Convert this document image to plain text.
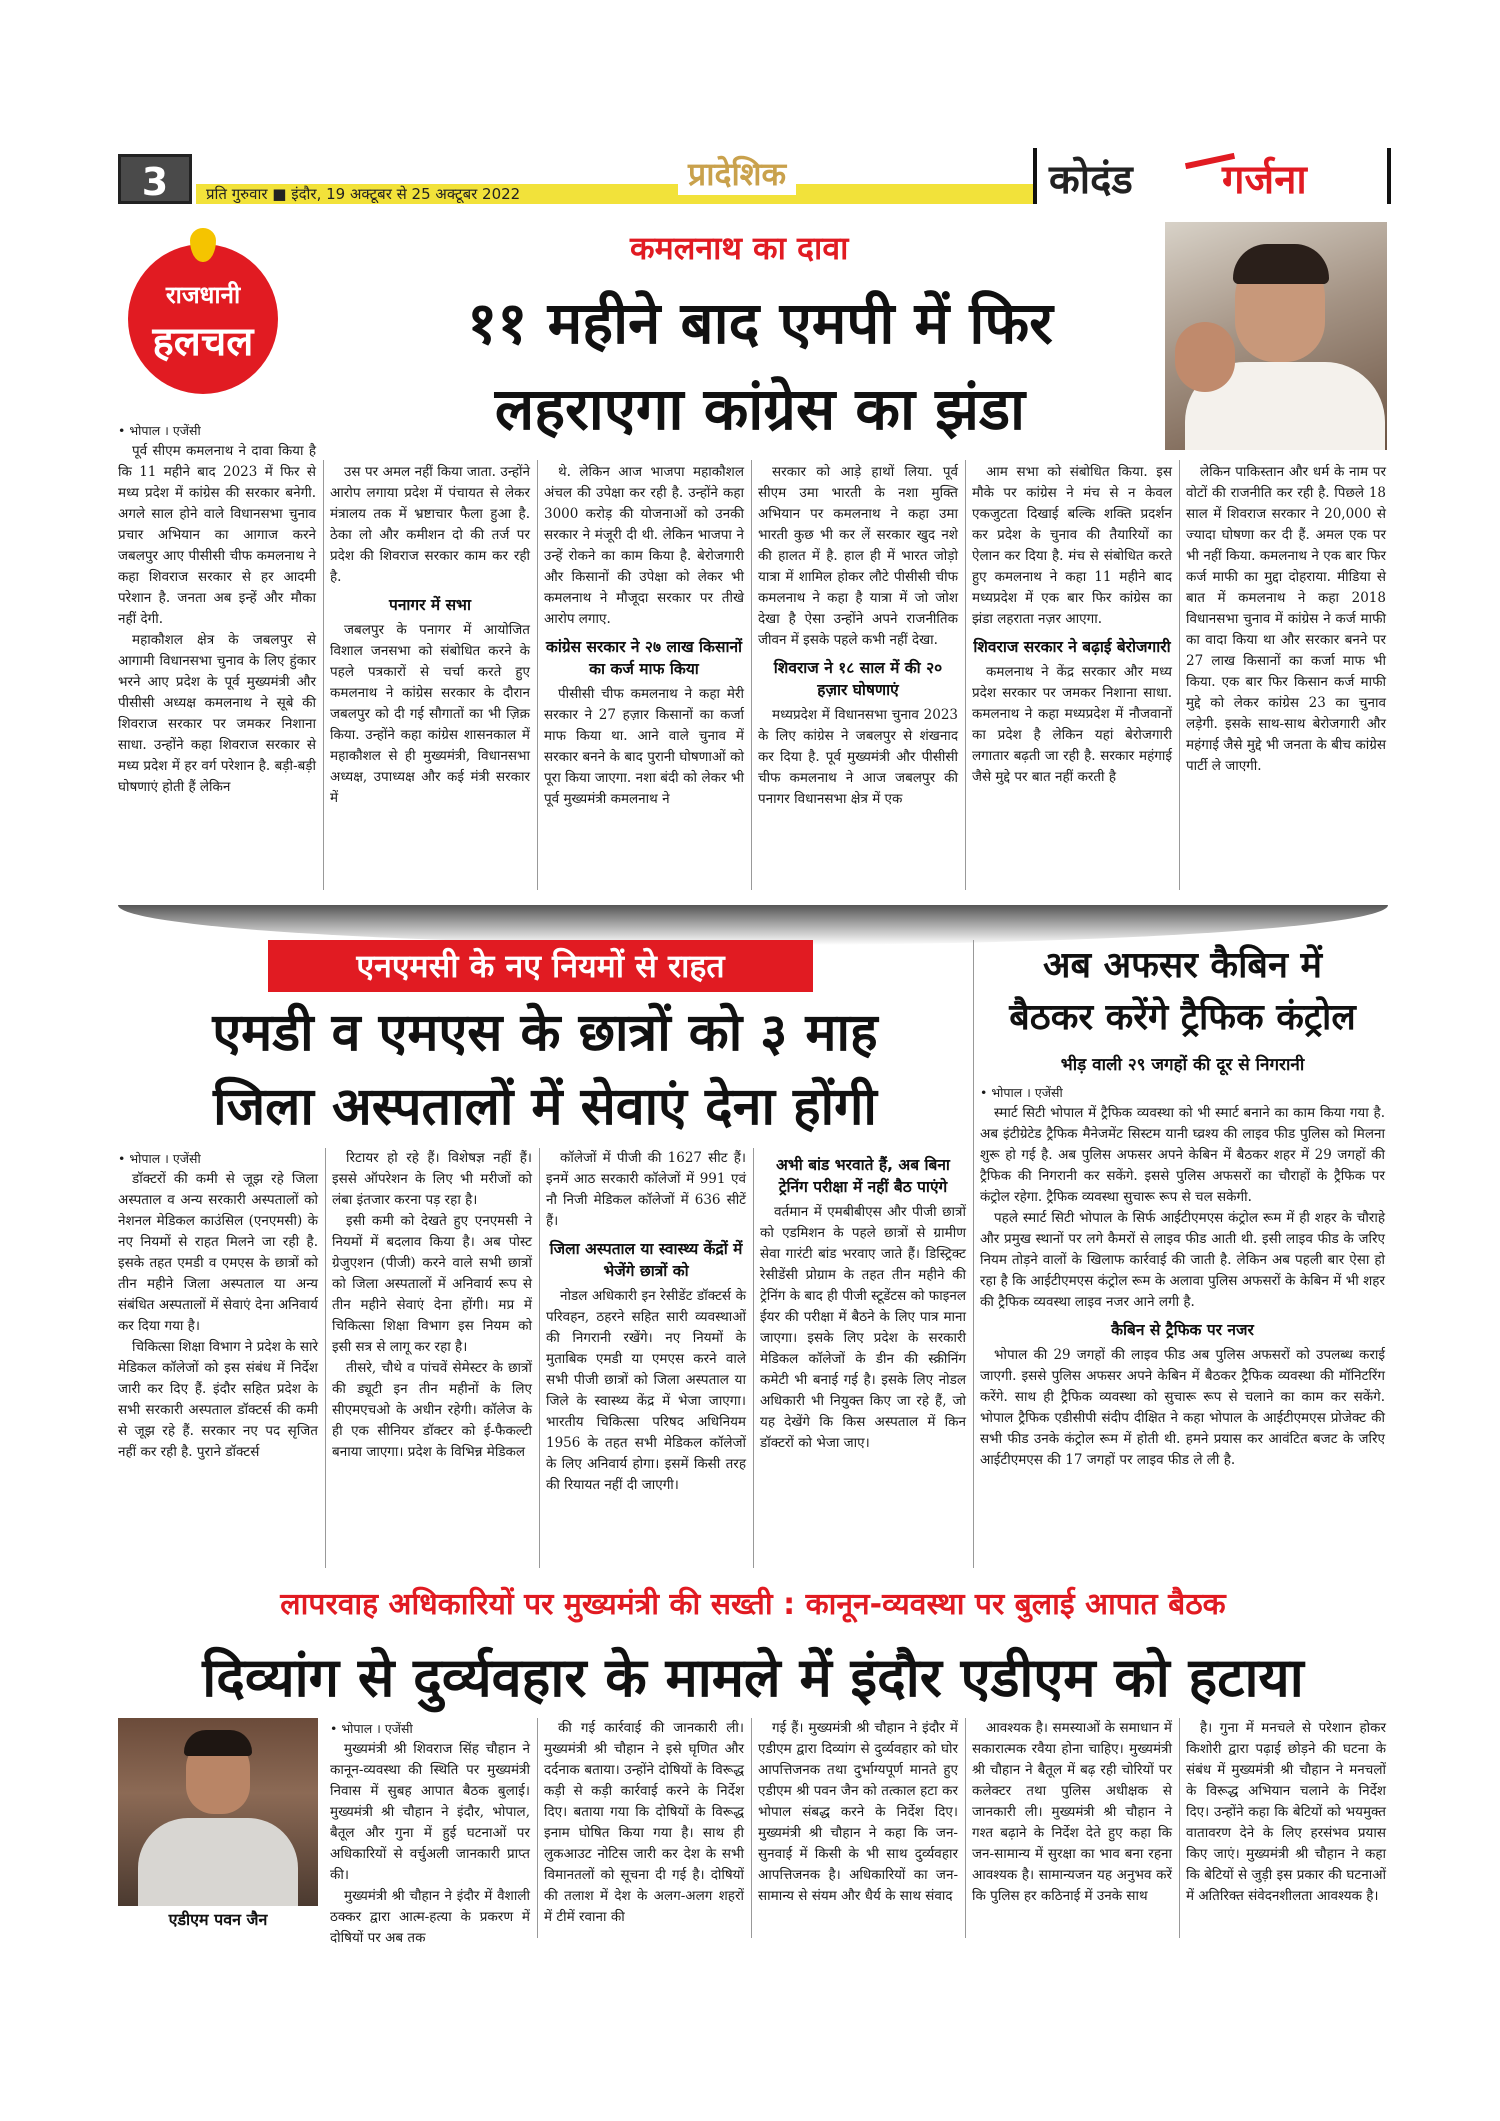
प्रति गुरुवार ■ इंदौर, 19 अक्टूबर से 25 अक्टूबर 2022
3	प्रादेशिक	कोदंड गर्जना
राजधानी
हलचल
कमलनाथ का दावा
११ महीने बाद एमपी में फिर
लहराएगा कांग्रेस का झंडा

• भोपाल । एजेंसी

पूर्व सीएम कमलनाथ ने दावा किया है कि 11 महीने बाद 2023 में फिर से मध्य प्रदेश में कांग्रेस की सरकार बनेगी. अगले साल होने वाले विधानसभा चुनाव प्रचार अभियान का आगाज करने जबलपुर आए पीसीसी चीफ कमलनाथ ने कहा शिवराज सरकार से हर आदमी परेशान है. जनता अब इन्हें और मौका नहीं देगी.

महाकौशल क्षेत्र के जबलपुर से आगामी विधानसभा चुनाव के लिए हुंकार भरने आए प्रदेश के पूर्व मुख्यमंत्री और पीसीसी अध्यक्ष कमलनाथ ने सूबे की शिवराज सरकार पर जमकर निशाना साधा. उन्होंने कहा शिवराज सरकार से मध्य प्रदेश में हर वर्ग परेशान है. बड़ी-बड़ी घोषणाएं होती हैं लेकिन

उस पर अमल नहीं किया जाता. उन्होंने आरोप लगाया प्रदेश में पंचायत से लेकर मंत्रालय तक में भ्रष्टाचार फैला हुआ है. ठेका लो और कमीशन दो की तर्ज पर प्रदेश की शिवराज सरकार काम कर रही है.

पनागर में सभा

जबलपुर के पनागर में आयोजित विशाल जनसभा को संबोधित करने के पहले पत्रकारों से चर्चा करते हुए कमलनाथ ने कांग्रेस सरकार के दौरान जबलपुर को दी गई सौगातों का भी ज़िक्र किया. उन्होंने कहा कांग्रेस शासनकाल में महाकौशल से ही मुख्यमंत्री, विधानसभा अध्यक्ष, उपाध्यक्ष और कई मंत्री सरकार में

थे. लेकिन आज भाजपा महाकौशल अंचल की उपेक्षा कर रही है. उन्होंने कहा 3000 करोड़ की योजनाओं को उनकी सरकार ने मंजूरी दी थी. लेकिन भाजपा ने उन्हें रोकने का काम किया है. बेरोजगारी और किसानों की उपेक्षा को लेकर भी कमलनाथ ने मौजूदा सरकार पर तीखे आरोप लगाए.

कांग्रेस सरकार ने २७ लाख किसानों का कर्ज माफ किया

पीसीसी चीफ कमलनाथ ने कहा मेरी सरकार ने 27 हज़ार किसानों का कर्जा माफ किया था. आने वाले चुनाव में सरकार बनने के बाद पुरानी घोषणाओं को पूरा किया जाएगा. नशा बंदी को लेकर भी पूर्व मुख्यमंत्री कमलनाथ ने

सरकार को आड़े हाथों लिया. पूर्व सीएम उमा भारती के नशा मुक्ति अभियान पर कमलनाथ ने कहा उमा भारती कुछ भी कर लें सरकार खुद नशे की हालत में है. हाल ही में भारत जोड़ो यात्रा में शामिल होकर लौटे पीसीसी चीफ कमलनाथ ने कहा है यात्रा में जो जोश देखा है ऐसा उन्होंने अपने राजनीतिक जीवन में इसके पहले कभी नहीं देखा.

शिवराज ने १८ साल में की २० हज़ार घोषणाएं

मध्यप्रदेश में विधानसभा चुनाव 2023 के लिए कांग्रेस ने जबलपुर से शंखनाद कर दिया है. पूर्व मुख्यमंत्री और पीसीसी चीफ कमलनाथ ने आज जबलपुर की पनागर विधानसभा क्षेत्र में एक

आम सभा को संबोधित किया. इस मौके पर कांग्रेस ने मंच से न केवल एकजुटता दिखाई बल्कि शक्ति प्रदर्शन कर प्रदेश के चुनाव की तैयारियों का ऐलान कर दिया है. मंच से संबोधित करते हुए कमलनाथ ने कहा 11 महीने बाद मध्यप्रदेश में एक बार फिर कांग्रेस का झंडा लहराता नज़र आएगा.

शिवराज सरकार ने बढ़ाई बेरोजगारी

कमलनाथ ने केंद्र सरकार और मध्य प्रदेश सरकार पर जमकर निशाना साधा. कमलनाथ ने कहा मध्यप्रदेश में नौजवानों का प्रदेश है लेकिन यहां बेरोजगारी लगातार बढ़ती जा रही है. सरकार महंगाई जैसे मुद्दे पर बात नहीं करती है

लेकिन पाकिस्तान और धर्म के नाम पर वोटों की राजनीति कर रही है. पिछले 18 साल में शिवराज सरकार ने 20,000 से ज्यादा घोषणा कर दी हैं. अमल एक पर भी नहीं किया. कमलनाथ ने एक बार फिर कर्ज माफी का मुद्दा दोहराया. मीडिया से बात में कमलनाथ ने कहा 2018 विधानसभा चुनाव में कांग्रेस ने कर्ज माफी का वादा किया था और सरकार बनने पर 27 लाख किसानों का कर्जा माफ भी किया. एक बार फिर किसान कर्ज माफी मुद्दे को लेकर कांग्रेस 23 का चुनाव लड़ेगी. इसके साथ-साथ बेरोजगारी और महंगाई जैसे मुद्दे भी जनता के बीच कांग्रेस पार्टी ले जाएगी.

एनएमसी के नए नियमों से राहत
एमडी व एमएस के छात्रों को ३ माह
जिला अस्पतालों में सेवाएं देना होंगी

• भोपाल । एजेंसी

डॉक्टरों की कमी से जूझ रहे जिला अस्पताल व अन्य सरकारी अस्पतालों को नेशनल मेडिकल काउंसिल (एनएमसी) के नए नियमों से राहत मिलने जा रही है. इसके तहत एमडी व एमएस के छात्रों को तीन महीने जिला अस्पताल या अन्य संबंधित अस्पतालों में सेवाएं देना अनिवार्य कर दिया गया है।

चिकित्सा शिक्षा विभाग ने प्रदेश के सारे मेडिकल कॉलेजों को इस संबंध में निर्देश जारी कर दिए हैं. इंदौर सहित प्रदेश के सभी सरकारी अस्पताल डॉक्टर्स की कमी से जूझ रहे हैं. सरकार नए पद सृजित नहीं कर रही है. पुराने डॉक्टर्स

रिटायर हो रहे हैं। विशेषज्ञ नहीं हैं। इससे ऑपरेशन के लिए भी मरीजों को लंबा इंतजार करना पड़ रहा है।

इसी कमी को देखते हुए एनएमसी ने नियमों में बदलाव किया है। अब पोस्ट ग्रेजुएशन (पीजी) करने वाले सभी छात्रों को जिला अस्पतालों में अनिवार्य रूप से तीन महीने सेवाएं देना होंगी। मप्र में चिकित्सा शिक्षा विभाग इस नियम को इसी सत्र से लागू कर रहा है।

तीसरे, चौथे व पांचवें सेमेस्टर के छात्रों की ड्यूटी इन तीन महीनों के लिए सीएमएचओ के अधीन रहेगी। कॉलेज के ही एक सीनियर डॉक्टर को ई-फैकल्टी बनाया जाएगा। प्रदेश के विभिन्न मेडिकल

कॉलेजों में पीजी की 1627 सीट हैं। इनमें आठ सरकारी कॉलेजों में 991 एवं नौ निजी मेडिकल कॉलेजों में 636 सीटें हैं।

जिला अस्पताल या स्वास्थ्य केंद्रों में भेजेंगे छात्रों को

नोडल अधिकारी इन रेसीडेंट डॉक्टर्स के परिवहन, ठहरने सहित सारी व्यवस्थाओं की निगरानी रखेंगे। नए नियमों के मुताबिक एमडी या एमएस करने वाले सभी पीजी छात्रों को जिला अस्पताल या जिले के स्वास्थ्य केंद्र में भेजा जाएगा। भारतीय चिकित्सा परिषद अधिनियम 1956 के तहत सभी मेडिकल कॉलेजों के लिए अनिवार्य होगा। इसमें किसी तरह की रियायत नहीं दी जाएगी।

अभी बांड भरवाते हैं, अब बिना ट्रेनिंग परीक्षा में नहीं बैठ पाएंगे

वर्तमान में एमबीबीएस और पीजी छात्रों को एडमिशन के पहले छात्रों से ग्रामीण सेवा गारंटी बांड भरवाए जाते हैं। डिस्ट्रिक्ट रेसीडेंसी प्रोग्राम के तहत तीन महीने की ट्रेनिंग के बाद ही पीजी स्टूडेंटस को फाइनल ईयर की परीक्षा में बैठने के लिए पात्र माना जाएगा। इसके लिए प्रदेश के सरकारी मेडिकल कॉलेजों के डीन की स्क्रीनिंग कमेटी भी बनाई गई है। इसके लिए नोडल अधिकारी भी नियुक्त किए जा रहे हैं, जो यह देखेंगे कि किस अस्पताल में किन डॉक्टरों को भेजा जाए।

अब अफसर कैबिन में
बैठकर करेंगे ट्रैफिक कंट्रोल
भीड़ वाली २९ जगहों की दूर से निगरानी

• भोपाल । एजेंसी

स्मार्ट सिटी भोपाल में ट्रैफिक व्यवस्था को भी स्मार्ट बनाने का काम किया गया है. अब इंटीग्रेटेड ट्रैफिक मैनेजमेंट सिस्टम यानी घ्व्रश्य की लाइव फीड पुलिस को मिलना शुरू हो गई है. अब पुलिस अफसर अपने केबिन में बैठकर शहर में 29 जगहों की ट्रैफिक की निगरानी कर सकेंगे. इससे पुलिस अफसरों का चौराहों के ट्रैफिक पर कंट्रोल रहेगा. ट्रैफिक व्यवस्था सुचारू रूप से चल सकेगी.

पहले स्मार्ट सिटी भोपाल के सिर्फ आईटीएमएस कंट्रोल रूम में ही शहर के चौराहे और प्रमुख स्थानों पर लगे कैमरों से लाइव फीड आती थी. इसी लाइव फीड के जरिए नियम तोड़ने वालों के खिलाफ कार्रवाई की जाती है. लेकिन अब पहली बार ऐसा हो रहा है कि आईटीएमएस कंट्रोल रूम के अलावा पुलिस अफसरों के केबिन में भी शहर की ट्रैफिक व्यवस्था लाइव नजर आने लगी है.

कैबिन से ट्रैफिक पर नजर

भोपाल की 29 जगहों की लाइव फीड अब पुलिस अफसरों को उपलब्ध कराई जाएगी. इससे पुलिस अफसर अपने केबिन में बैठकर ट्रैफिक व्यवस्था की मॉनिटरिंग करेंगे. साथ ही ट्रैफिक व्यवस्था को सुचारू रूप से चलाने का काम कर सकेंगे. भोपाल ट्रैफिक एडीसीपी संदीप दीक्षित ने कहा भोपाल के आईटीएमएस प्रोजेक्ट की सभी फीड उनके कंट्रोल रूम में होती थी. हमने प्रयास कर आवंटित बजट के जरिए आईटीएमएस की 17 जगहों पर लाइव फीड ले ली है.

लापरवाह अधिकारियों पर मुख्यमंत्री की सख्ती : कानून-व्यवस्था पर बुलाई आपात बैठक
दिव्यांग से दुर्व्यवहार के मामले में इंदौर एडीएम को हटाया
एडीएम पवन जैन

• भोपाल । एजेंसी

मुख्यमंत्री श्री शिवराज सिंह चौहान ने कानून-व्यवस्था की स्थिति पर मुख्यमंत्री निवास में सुबह आपात बैठक बुलाई। मुख्यमंत्री श्री चौहान ने इंदौर, भोपाल, बैतूल और गुना में हुई घटनाओं पर अधिकारियों से वर्चुअली जानकारी प्राप्त की।

मुख्यमंत्री श्री चौहान ने इंदौर में वैशाली ठक्कर द्वारा आत्म-हत्या के प्रकरण में दोषियों पर अब तक

की गई कार्रवाई की जानकारी ली। मुख्यमंत्री श्री चौहान ने इसे घृणित और दर्दनाक बताया। उन्होंने दोषियों के विरूद्ध कड़ी से कड़ी कार्रवाई करने के निर्देश दिए। बताया गया कि दोषियों के विरूद्ध इनाम घोषित किया गया है। साथ ही लुकआउट नोटिस जारी कर देश के सभी विमानतलों को सूचना दी गई है। दोषियों की तलाश में देश के अलग-अलग शहरों में टीमें रवाना की

गई हैं। मुख्यमंत्री श्री चौहान ने इंदौर में एडीएम द्वारा दिव्यांग से दुर्व्यवहार को घोर आपत्तिजनक तथा दुर्भाग्यपूर्ण मानते हुए एडीएम श्री पवन जैन को तत्काल हटा कर भोपाल संबद्ध करने के निर्देश दिए। मुख्यमंत्री श्री चौहान ने कहा कि जन-सुनवाई में किसी के भी साथ दुर्व्यवहार आपत्तिजनक है। अधिकारियों का जन-सामान्य से संयम और धैर्य के साथ संवाद

आवश्यक है। समस्याओं के समाधान में सकारात्मक रवैया होना चाहिए। मुख्यमंत्री श्री चौहान ने बैतूल में बढ़ रही चोरियों पर कलेक्टर तथा पुलिस अधीक्षक से जानकारी ली। मुख्यमंत्री श्री चौहान ने गश्त बढ़ाने के निर्देश देते हुए कहा कि जन-सामान्य में सुरक्षा का भाव बना रहना आवश्यक है। सामान्यजन यह अनुभव करें कि पुलिस हर कठिनाई में उनके साथ

है। गुना में मनचले से परेशान होकर किशोरी द्वारा पढ़ाई छोड़ने की घटना के संबंध में मुख्यमंत्री श्री चौहान ने मनचलों के विरूद्ध अभियान चलाने के निर्देश दिए। उन्होंने कहा कि बेटियों को भयमुक्त वातावरण देने के लिए हरसंभव प्रयास किए जाएं। मुख्यमंत्री श्री चौहान ने कहा कि बेटियों से जुड़ी इस प्रकार की घटनाओं में अतिरिक्त संवेदनशीलता आवश्यक है।
